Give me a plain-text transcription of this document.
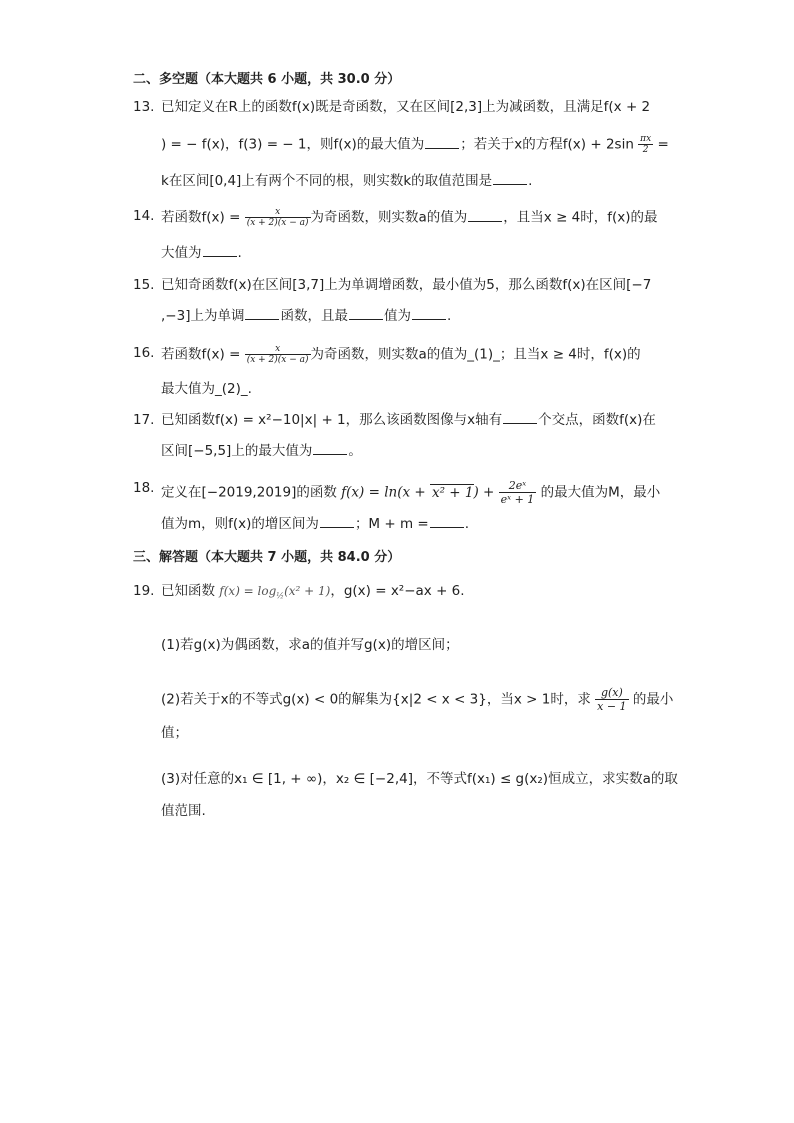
二、多空题（本大题共 6 小题，共 30.0 分）
13. 已知定义在R上的函数f(x)既是奇函数，又在区间[2,3]上为减函数，且满足f(x + 2
) = − f(x)，f(3) = − 1，则f(x)的最大值为	；若关于x的方程$f(x) + 2\sin \frac{\pi x}{2}$ =
k在区间[0,4]上有两个不同的根，则实数k的取值范围是	.
14. 若函数$f(x) = \frac{x}{(x + 2)(x - a)}$ 为奇函数，则实数a的值为	，且当x ≥ 4时，f(x)的最
大值为	.
15. 已知奇函数f(x)在区间[3,7]上为单调增函数，最小值为5，那么函数f(x)在区间[−7
,−3]上为单调	函数，且最	值为	.
16. 若函数$f(x) = \frac{x}{(x + 2)(x - a)}$ 为奇函数，则实数a的值为_(1)_；且当x ≥ 4时，f(x)的
最大值为_(2)_.
17. 已知函数f(x) = x²−10|x| + 1，那么该函数图像与x轴有	个交点，函数f(x)在
区间[−5,5]上的最大值为	。
18. 定义在[−2019,2019]的函数 $f(x) = \ln(x + x^2 + 1) + \frac{\text{2eˣ}}{\text{eˣ + 1}}$ 的最大值为M，最小
值为m，则f(x)的增区间为	；M + m =	.
三、解答题（本大题共 7 小题，共 84.0 分）
19. 已知函数 $f(x) = \log_{\frac{1}{2}}(x^2 + 1)$，g(x) = x²−ax + 6.
(1)若g(x)为偶函数，求a的值并写g(x)的增区间；
(2)若关于x的不等式g(x) < 0的解集为{x|2 < x < 3}，当x > 1时，求 $\frac{g(x)}{x - 1}$ 的最小
值；
(3)对任意的x₁ ∈ [1, + ∞)，x₂ ∈ [−2,4]，不等式f(x₁) ≤ g(x₂)恒成立，求实数a的取
值范围.
